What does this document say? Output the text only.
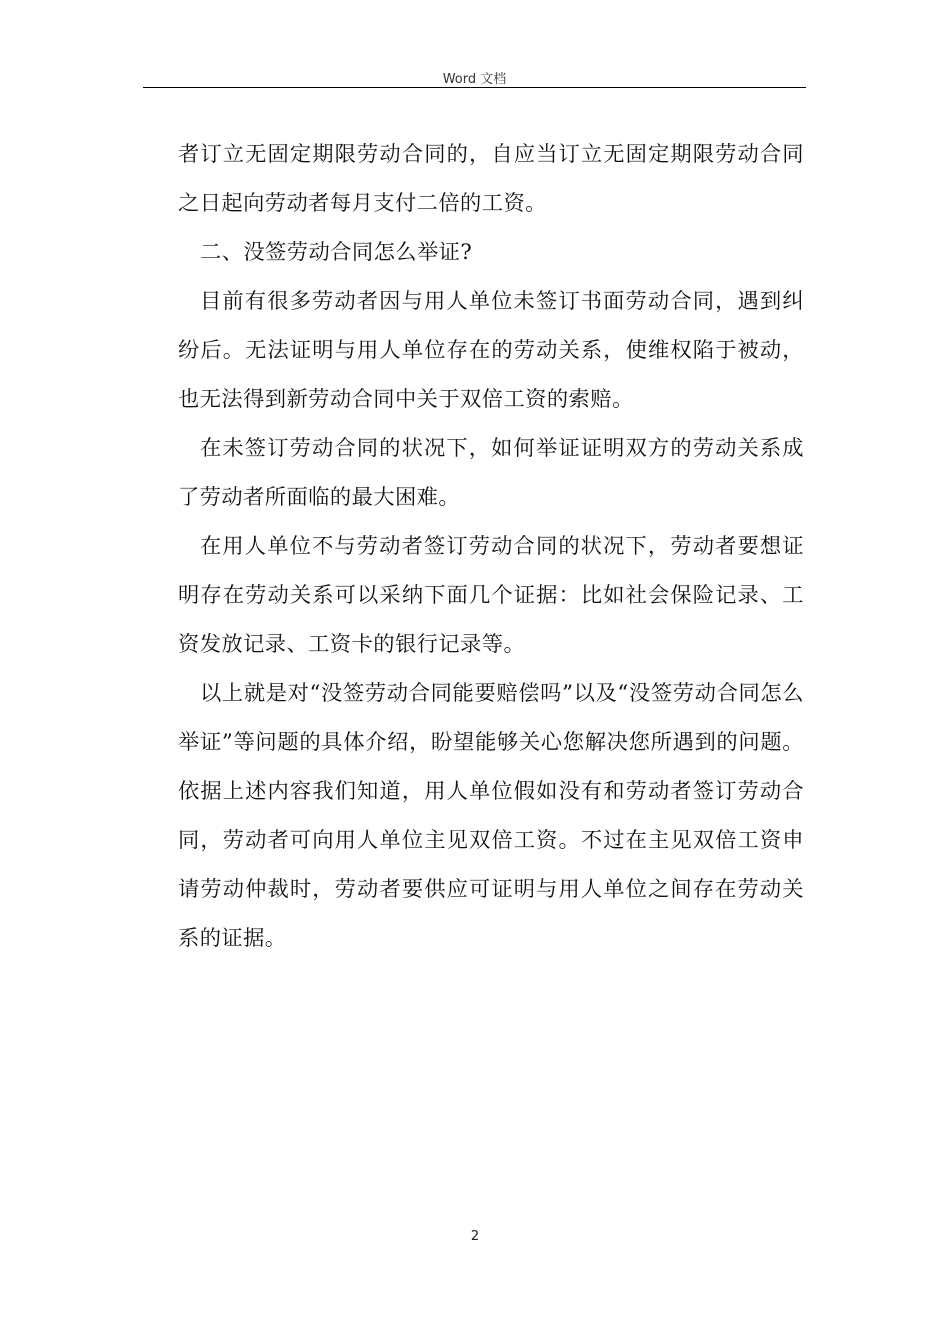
Word 文档

者订立无固定期限劳动合同的，自应当订立无固定期限劳动合同之日起向劳动者每月支付二倍的工资。

二、没签劳动合同怎么举证?

目前有很多劳动者因与用人单位未签订书面劳动合同，遇到纠纷后。无法证明与用人单位存在的劳动关系，使维权陷于被动，也无法得到新劳动合同中关于双倍工资的索赔。

在未签订劳动合同的状况下，如何举证证明双方的劳动关系成了劳动者所面临的最大困难。

在用人单位不与劳动者签订劳动合同的状况下，劳动者要想证明存在劳动关系可以采纳下面几个证据：比如社会保险记录、工资发放记录、工资卡的银行记录等。

以上就是对“没签劳动合同能要赔偿吗”以及“没签劳动合同怎么举证”等问题的具体介绍，盼望能够关心您解决您所遇到的问题。依据上述内容我们知道，用人单位假如没有和劳动者签订劳动合同，劳动者可向用人单位主见双倍工资。不过在主见双倍工资申请劳动仲裁时，劳动者要供应可证明与用人单位之间存在劳动关系的证据。

2
